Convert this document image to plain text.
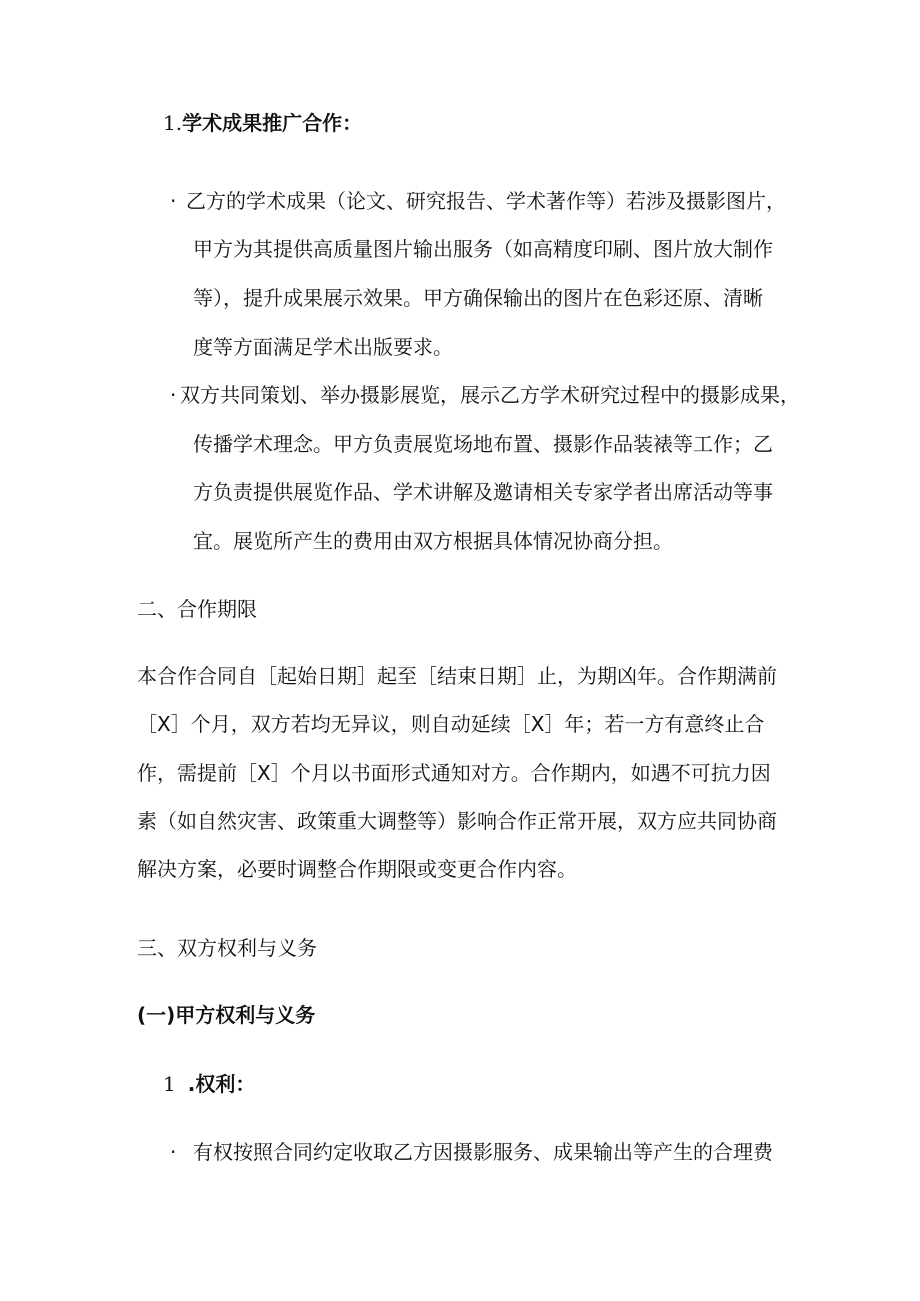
1.学术成果推广合作：
· 乙方的学术成果（论文、研究报告、学术著作等）若涉及摄影图片，
甲方为其提供高质量图片输出服务（如高精度印刷、图片放大制作
等），提升成果展示效果。甲方确保输出的图片在色彩还原、清晰
度等方面满足学术出版要求。
· 双方共同策划、举办摄影展览，展示乙方学术研究过程中的摄影成果，
传播学术理念。甲方负责展览场地布置、摄影作品装裱等工作；乙
方负责提供展览作品、学术讲解及邀请相关专家学者出席活动等事
宜。展览所产生的费用由双方根据具体情况协商分担。
二、合作期限
本合作合同自［起始日期］起至［结束日期］止，为期凶年。合作期满前
［X］个月，双方若均无异议，则自动延续［X］年；若一方有意终止合
作，需提前［X］个月以书面形式通知对方。合作期内，如遇不可抗力因
素（如自然灾害、政策重大调整等）影响合作正常开展，双方应共同协商
解决方案，必要时调整合作期限或变更合作内容。
三、双方权利与义务
(一)甲方权利与义务
1 .权利：
· 有权按照合同约定收取乙方因摄影服务、成果输出等产生的合理费
